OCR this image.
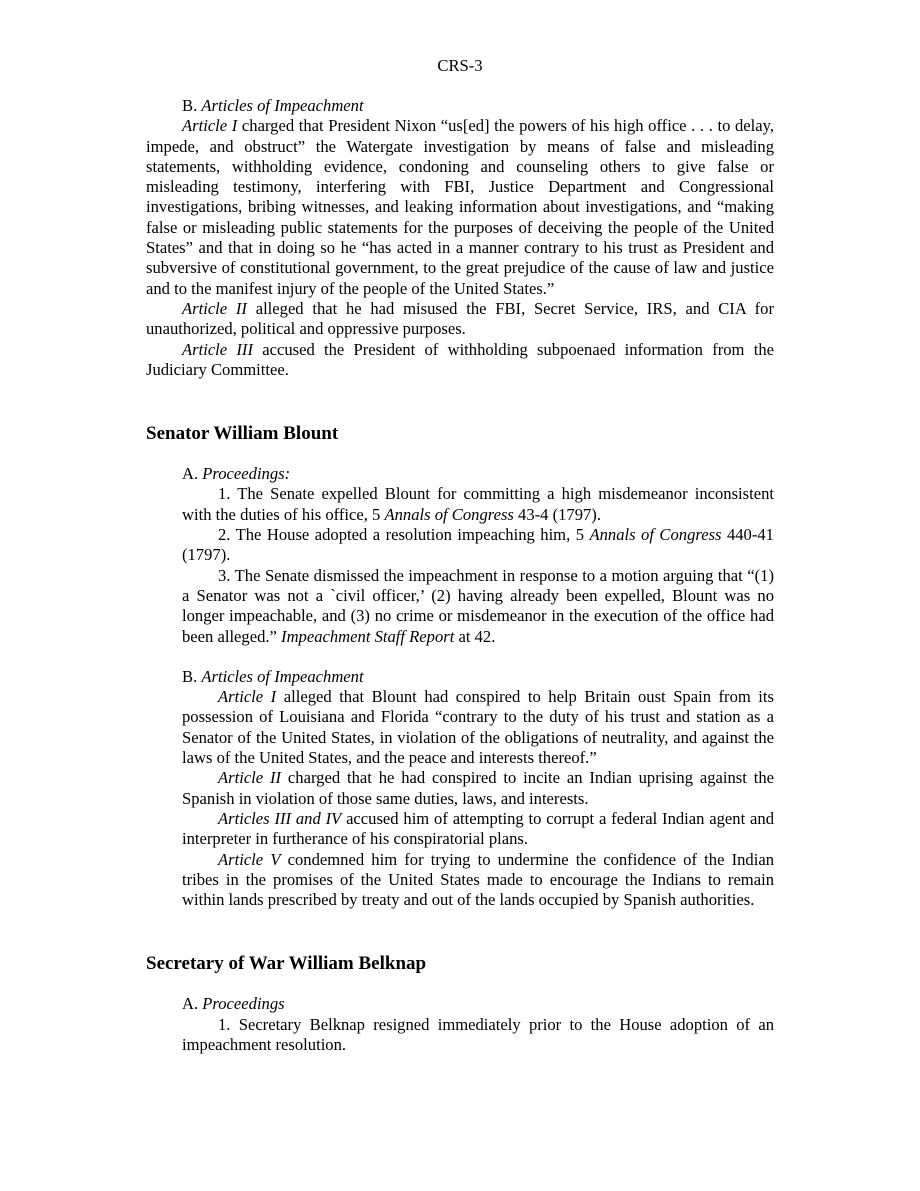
CRS-3

B. Articles of Impeachment

Article I charged that President Nixon “us[ed] the powers of his high office . . . to delay, impede, and obstruct” the Watergate investigation by means of false and misleading statements, withholding evidence, condoning and counseling others to give false or misleading testimony, interfering with FBI, Justice Department and Congressional investigations, bribing witnesses, and leaking information about investigations, and “making false or misleading public statements for the purposes of deceiving the people of the United States” and that in doing so he “has acted in a manner contrary to his trust as President and subversive of constitutional government, to the great prejudice of the cause of law and justice and to the manifest injury of the people of the United States.”

Article II alleged that he had misused the FBI, Secret Service, IRS, and CIA for unauthorized, political and oppressive purposes.

Article III accused the President of withholding subpoenaed information from the Judiciary Committee.

Senator William Blount

A. Proceedings:

1. The Senate expelled Blount for committing a high misdemeanor inconsistent with the duties of his office, 5 Annals of Congress 43-4 (1797).

2. The House adopted a resolution impeaching him, 5 Annals of Congress 440-41 (1797).

3. The Senate dismissed the impeachment in response to a motion arguing that “(1) a Senator was not a `civil officer,’ (2) having already been expelled, Blount was no longer impeachable, and (3) no crime or misdemeanor in the execution of the office had been alleged.” Impeachment Staff Report at 42.

B. Articles of Impeachment

Article I alleged that Blount had conspired to help Britain oust Spain from its possession of Louisiana and Florida “contrary to the duty of his trust and station as a Senator of the United States, in violation of the obligations of neutrality, and against the laws of the United States, and the peace and interests thereof.”

Article II charged that he had conspired to incite an Indian uprising against the Spanish in violation of those same duties, laws, and interests.

Articles III and IV accused him of attempting to corrupt a federal Indian agent and interpreter in furtherance of his conspiratorial plans.

Article V condemned him for trying to undermine the confidence of the Indian tribes in the promises of the United States made to encourage the Indians to remain within lands prescribed by treaty and out of the lands occupied by Spanish authorities.

Secretary of War William Belknap

A. Proceedings

1. Secretary Belknap resigned immediately prior to the House adoption of an impeachment resolution.
